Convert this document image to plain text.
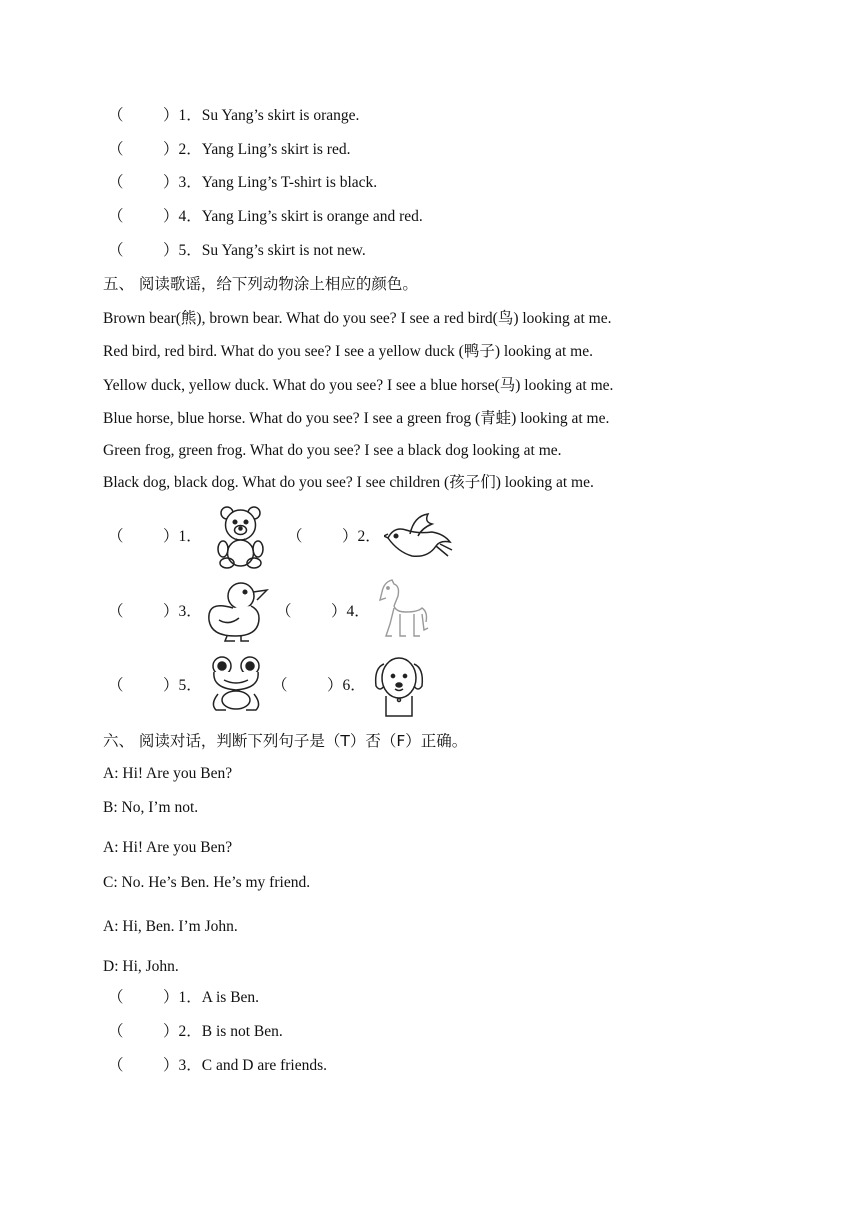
（	）1．Su Yang’s skirt is orange.
（	）2．Yang Ling’s skirt is red.
（	）3．Yang Ling’s T-shirt is black.
（	）4．Yang Ling’s skirt is orange and red.
（	）5．Su Yang’s skirt is not new.
五、 阅读歌谣，给下列动物涂上相应的颜色。
Brown bear(熊), brown bear. What do you see? I see a red bird(鸟) looking at me.
Red bird, red bird. What do you see? I see a yellow duck (鸭子) looking at me.
Yellow duck, yellow duck. What do you see? I see a blue horse(马) looking at me.
Blue horse, blue horse. What do you see? I see a green frog (青蛙) looking at me.
Green frog, green frog. What do you see? I see a black dog looking at me.
Black dog, black dog. What do you see? I see children (孩子们) looking at me.
（	）1．	（	）2．
（	）3．	（	）4．
（	）5．	（	）6．
六、 阅读对话，判断下列句子是（T）否（F）正确。
A: Hi! Are you Ben?
B: No, I’m not.
A: Hi! Are you Ben?
C: No. He’s Ben. He’s my friend.
A: Hi, Ben. I’m John.
D: Hi, John.
（	）1．A is Ben.
（	）2．B is not Ben.
（	）3．C and D are friends.
